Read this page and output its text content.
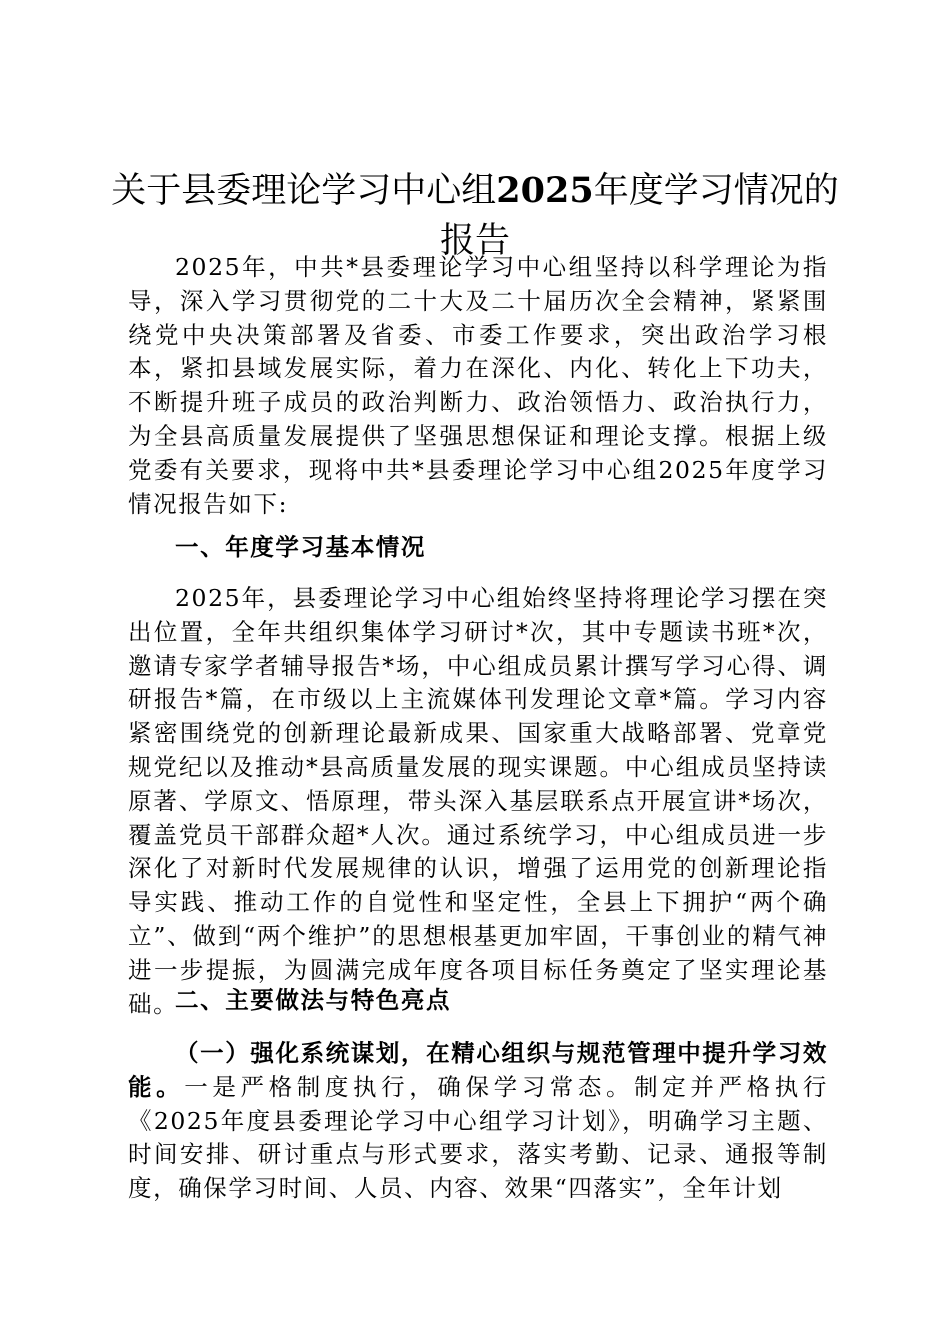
关于县委理论学习中心组2025年度学习情况的报告

2025年，中共*县委理论学习中心组坚持以科学理论为指导，深入学习贯彻党的二十大及二十届历次全会精神，紧紧围绕党中央决策部署及省委、市委工作要求，突出政治学习根本，紧扣县域发展实际，着力在深化、内化、转化上下功夫，不断提升班子成员的政治判断力、政治领悟力、政治执行力，为全县高质量发展提供了坚强思想保证和理论支撑。根据上级党委有关要求，现将中共*县委理论学习中心组2025年度学习情况报告如下:

一、年度学习基本情况

2025年，县委理论学习中心组始终坚持将理论学习摆在突出位置，全年共组织集体学习研讨*次，其中专题读书班*次，邀请专家学者辅导报告*场，中心组成员累计撰写学习心得、调研报告*篇，在市级以上主流媒体刊发理论文章*篇。学习内容紧密围绕党的创新理论最新成果、国家重大战略部署、党章党规党纪以及推动*县高质量发展的现实课题。中心组成员坚持读原著、学原文、悟原理，带头深入基层联系点开展宣讲*场次，覆盖党员干部群众超*人次。通过系统学习，中心组成员进一步深化了对新时代发展规律的认识，增强了运用党的创新理论指导实践、推动工作的自觉性和坚定性，全县上下拥护“两个确立”、做到“两个维护”的思想根基更加牢固，干事创业的精气神进一步提振，为圆满完成年度各项目标任务奠定了坚实理论基础。

二、主要做法与特色亮点

（一）强化系统谋划，在精心组织与规范管理中提升学习效能。一是严格制度执行，确保学习常态。制定并严格执行《2025年度县委理论学习中心组学习计划》，明确学习主题、时间安排、研讨重点与形式要求，落实考勤、记录、通报等制度，确保学习时间、人员、内容、效果“四落实”，全年计划
